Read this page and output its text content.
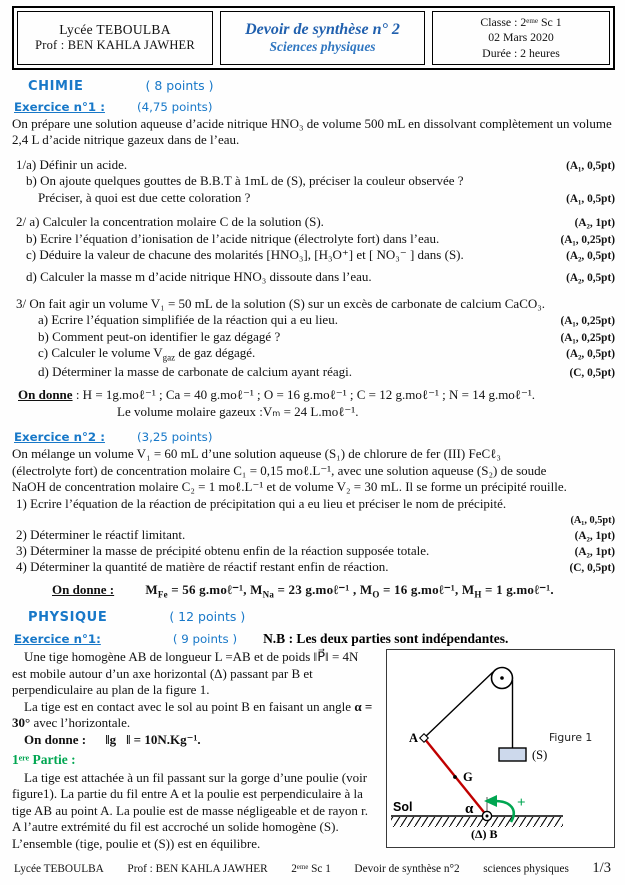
Lycée TEBOULBA
Prof : BEN KAHLA JAWHER
Devoir de synthèse n° 2
Sciences physiques
Classe : 2ᵉᵐᵉ Sc 1
02 Mars 2020
Durée : 2 heures
CHIMIE	( 8 points )
Exercice n°1 :	(4,75 points)

On prépare une solution aqueuse d’acide nitrique HNO₃ de volume 500 mL en dissolvant complètement un volume 2,4 L d’acide nitrique gazeux dans de l’eau.

1/a) Définir un acide.	(A₁, 0,5pt)
b) On ajoute quelques gouttes de B.B.T à 1mL de (S), préciser la couleur observée ?
Préciser, à quoi est due cette coloration ?	(A₁, 0,5pt)
2/ a) Calculer la concentration molaire C de la solution (S).	(A₂, 1pt)
b) Ecrire l’équation d’ionisation de l’acide nitrique (électrolyte fort) dans l’eau.	(A₁, 0,25pt)
c) Déduire la valeur de chacune des molarités [HNO₃], [H₃O⁺] et [ NO₃⁻ ] dans (S).	(A₂, 0,5pt)
d) Calculer la masse m d’acide nitrique HNO₃ dissoute dans l’eau.	(A₂, 0,5pt)
3/ On fait agir un volume V₁ = 50 mL de la solution (S) sur un excès de carbonate de calcium CaCO₃.
a) Ecrire l’équation simplifiée de la réaction qui a eu lieu.	(A₁, 0,25pt)
b) Comment peut-on identifier le gaz dégagé ?	(A₁, 0,25pt)
c) Calculer le volume $V_{gaz}$ de gaz dégagé.	(A₂, 0,5pt)
d) Déterminer la masse de carbonate de calcium ayant réagi.	(C, 0,5pt)
On donne : H = 1g.moℓ⁻¹ ; Ca = 40 g.moℓ⁻¹ ; O = 16 g.moℓ⁻¹ ; C = 12 g.moℓ⁻¹ ; N = 14 g.moℓ⁻¹.
Le volume molaire gazeux :Vₘ = 24 L.moℓ⁻¹.
Exercice n°2 :	(3,25 points)
On mélange un volume V₁ = 60 mL d’une solution aqueuse (S₁) de chlorure de fer (III) FeCℓ₃
(électrolyte fort) de concentration molaire C₁ = 0,15 moℓ.L⁻¹, avec une solution aqueuse (S₂) de soude
NaOH de concentration molaire C₂ = 1 moℓ.L⁻¹ et de volume V₂ = 30 mL. Il se forme un précipité rouille.
1) Ecrire l’équation de la réaction de précipitation qui a eu lieu et préciser le nom de précipité.
(A₁, 0,5pt)
2) Déterminer le réactif limitant.	(A₂, 1pt)
3) Déterminer la masse de précipité obtenu enfin de la réaction supposée totale.	(A₂, 1pt)
4) Déterminer la quantité de matière de réactif restant enfin de réaction.	(C, 0,5pt)
On donne : $M_{Fe} = 56$ g.moℓ⁻¹, $M_{Na} = 23$ g.moℓ⁻¹ , $M_O = 16$ g.moℓ⁻¹, $M_H = 1$ g.moℓ⁻¹.
PHYSIQUE	( 12 points )
Exercice n°1:	( 9 points ) N.B : Les deux parties sont indépendantes.
Une tige homogène AB de longueur L =AB et de poids ‖P⃗‖ = 4N est mobile autour d’un axe horizontal (Δ) passant par B et perpendiculaire au plan de la figure 1.
La tige est en contact avec le sol au point B en faisant un angle α = 30° avec l’horizontale.
On donne : ‖g⃗‖ = 10N.Kg⁻¹.
1ᵉʳᵉ Partie :
La tige est attachée à un fil passant sur la gorge d’une poulie (voir figure1). La partie du fil entre A et la poulie est perpendiculaire à la tige AB au point A. La poulie est de masse négligeable et de rayon r. A l’autre extrémité du fil est accroché un solide homogène (S).
L’ensemble (tige, poulie et (S)) est en équilibre.
(S)
Figure 1
A
G
Sol	α	+
(Δ) B
Lycée TEBOULBA Prof : BEN KAHLA JAWHER 2ᵉᵐᵉ Sc 1 Devoir de synthèse n°2 sciences physiques 1/3
